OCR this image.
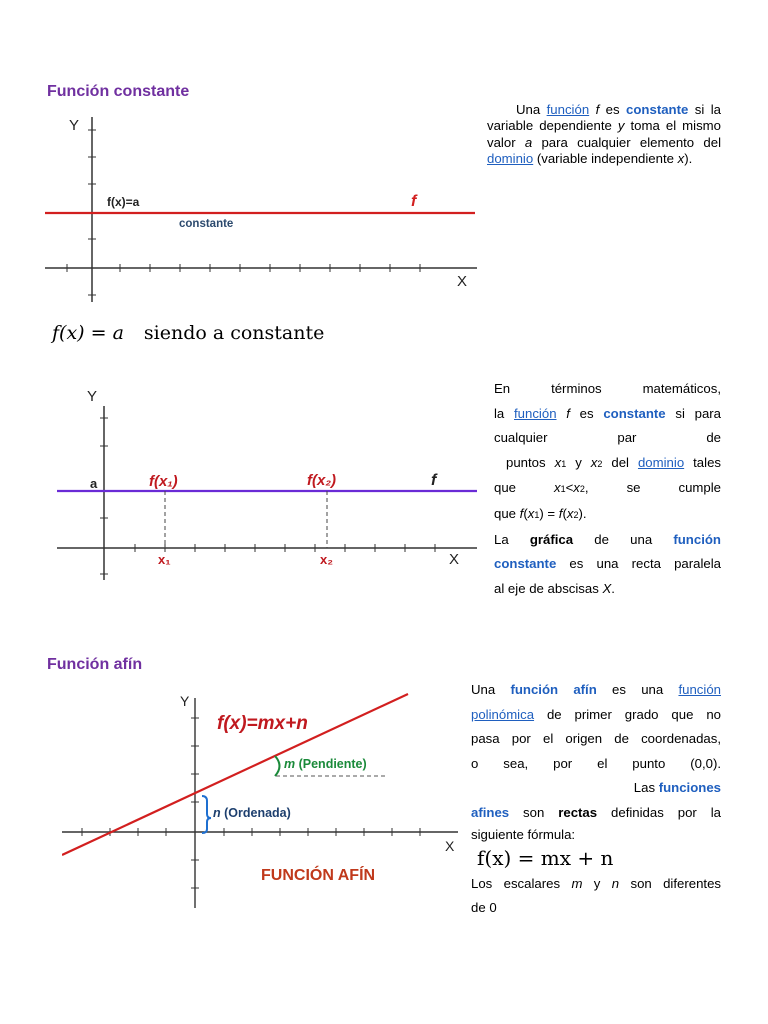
Función constante
Y
X
f(x)=a	f
constante
Una función f es constante si la variable dependiente y toma el mismo valor a para cualquier elemento del dominio (variable independiente x).
f(x) = a siendo a constante
Y
X
a	f(x₁)	f(x₂)	f
x₁	x₂
En	términos	matemáticos,
la función f es constante si para
cualquier	par	de
puntos x1 y x2 del dominio tales
que x1<x2,	se	cumple
que f(x1) = f(x2).
La gráfica de una función
constante es una recta paralela
al eje de abscisas X.
Función afín
Y
X
f(x)=mx+n
m (Pendiente)
n (Ordenada)
FUNCIÓN AFÍN
Una función afín es una función
polinómica de primer grado que no
pasa por el origen de coordenadas,
o sea, por el punto (0,0).
Las funciones
afines son rectas definidas por la
siguiente fórmula:
f(x) = mx + n
Los escalares m y n son diferentes
de 0
